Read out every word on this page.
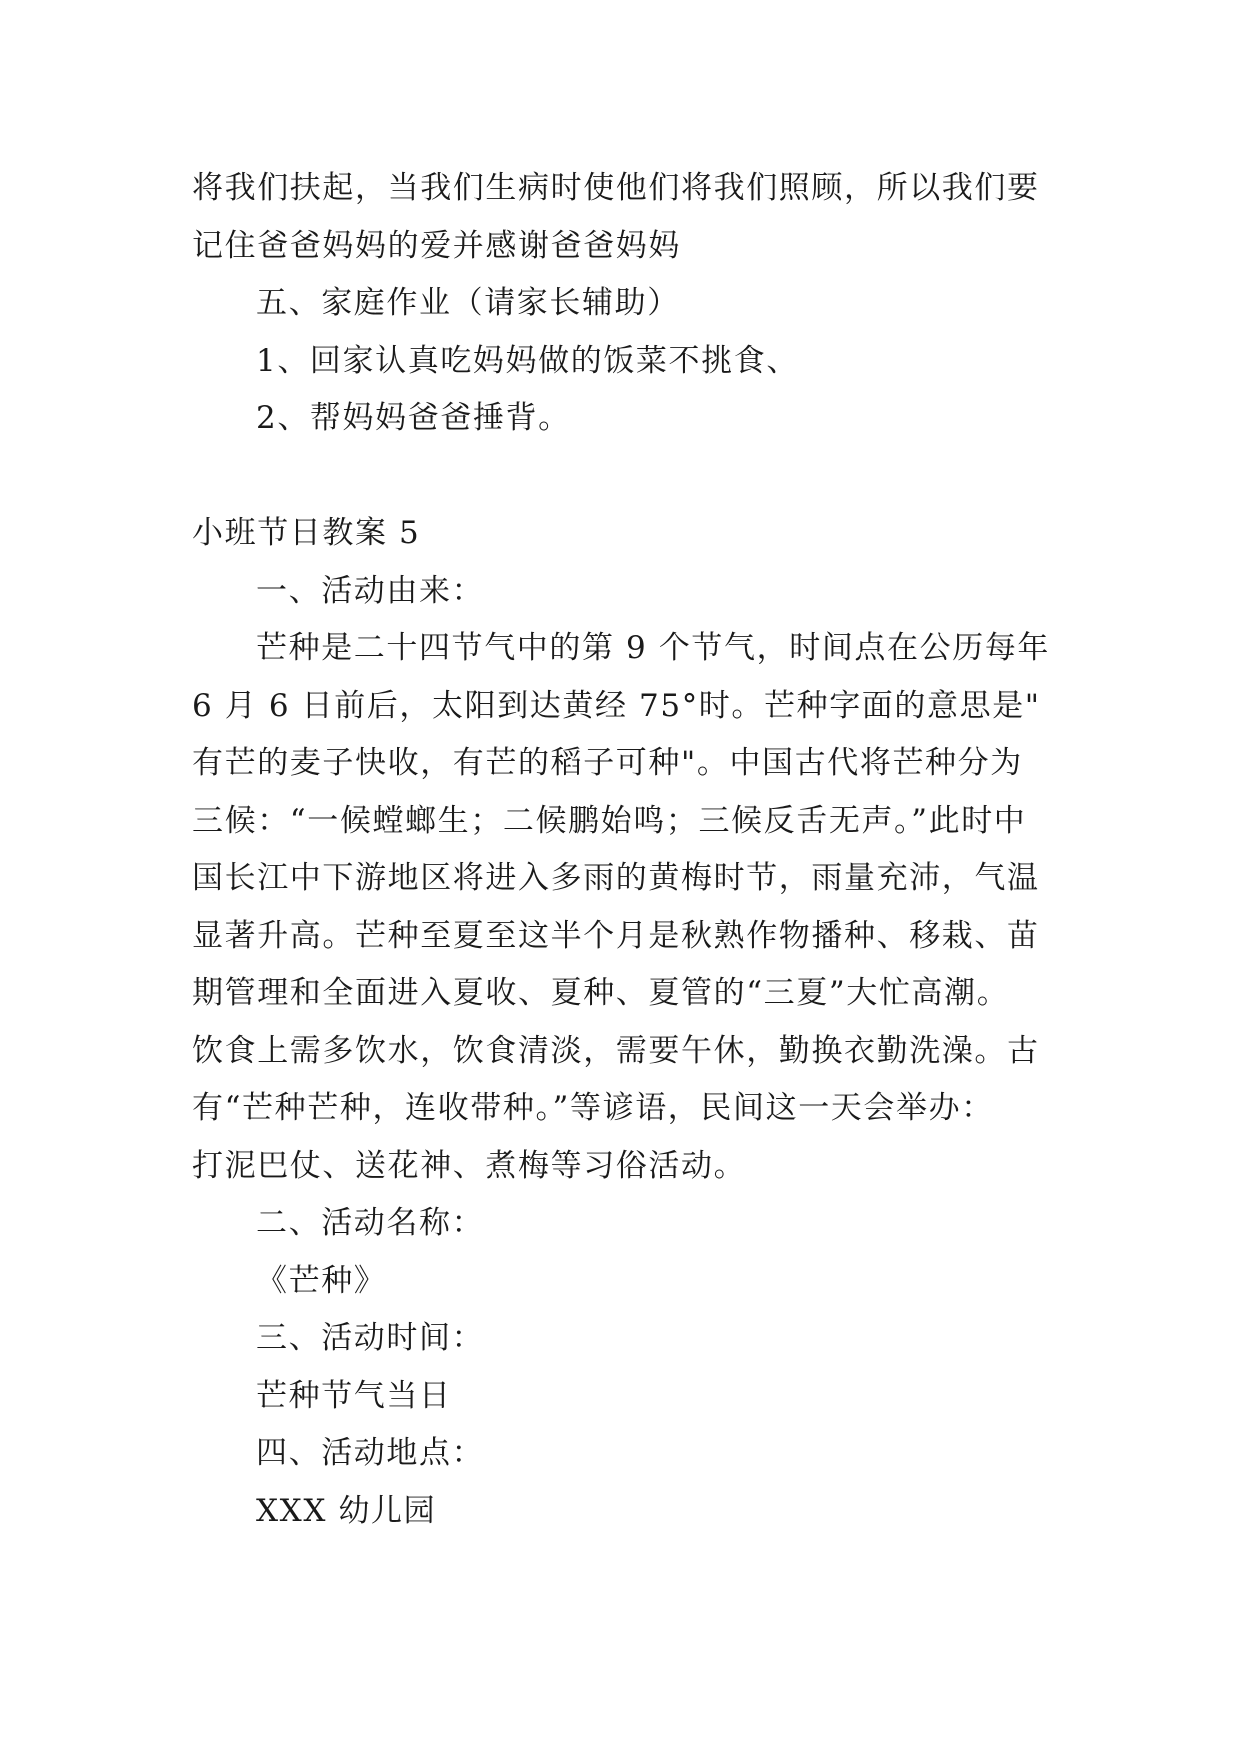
将我们扶起，当我们生病时使他们将我们照顾，所以我们要
记住爸爸妈妈的爱并感谢爸爸妈妈
五、家庭作业（请家长辅助）
1、回家认真吃妈妈做的饭菜不挑食、
2、帮妈妈爸爸捶背。
小班节日教案 5
一、活动由来：
芒种是二十四节气中的第 9 个节气，时间点在公历每年
6 月 6 日前后，太阳到达黄经 75°时。芒种字面的意思是"
有芒的麦子快收，有芒的稻子可种"。中国古代将芒种分为
三候：“一候螳螂生；二候鹏始鸣；三候反舌无声。”此时中
国长江中下游地区将进入多雨的黄梅时节，雨量充沛，气温
显著升高。芒种至夏至这半个月是秋熟作物播种、移栽、苗
期管理和全面进入夏收、夏种、夏管的“三夏”大忙高潮。
饮食上需多饮水，饮食清淡，需要午休，勤换衣勤洗澡。古
有“芒种芒种，连收带种。”等谚语，民间这一天会举办：
打泥巴仗、送花神、煮梅等习俗活动。
二、活动名称：
《芒种》
三、活动时间：
芒种节气当日
四、活动地点：
XXX 幼儿园
